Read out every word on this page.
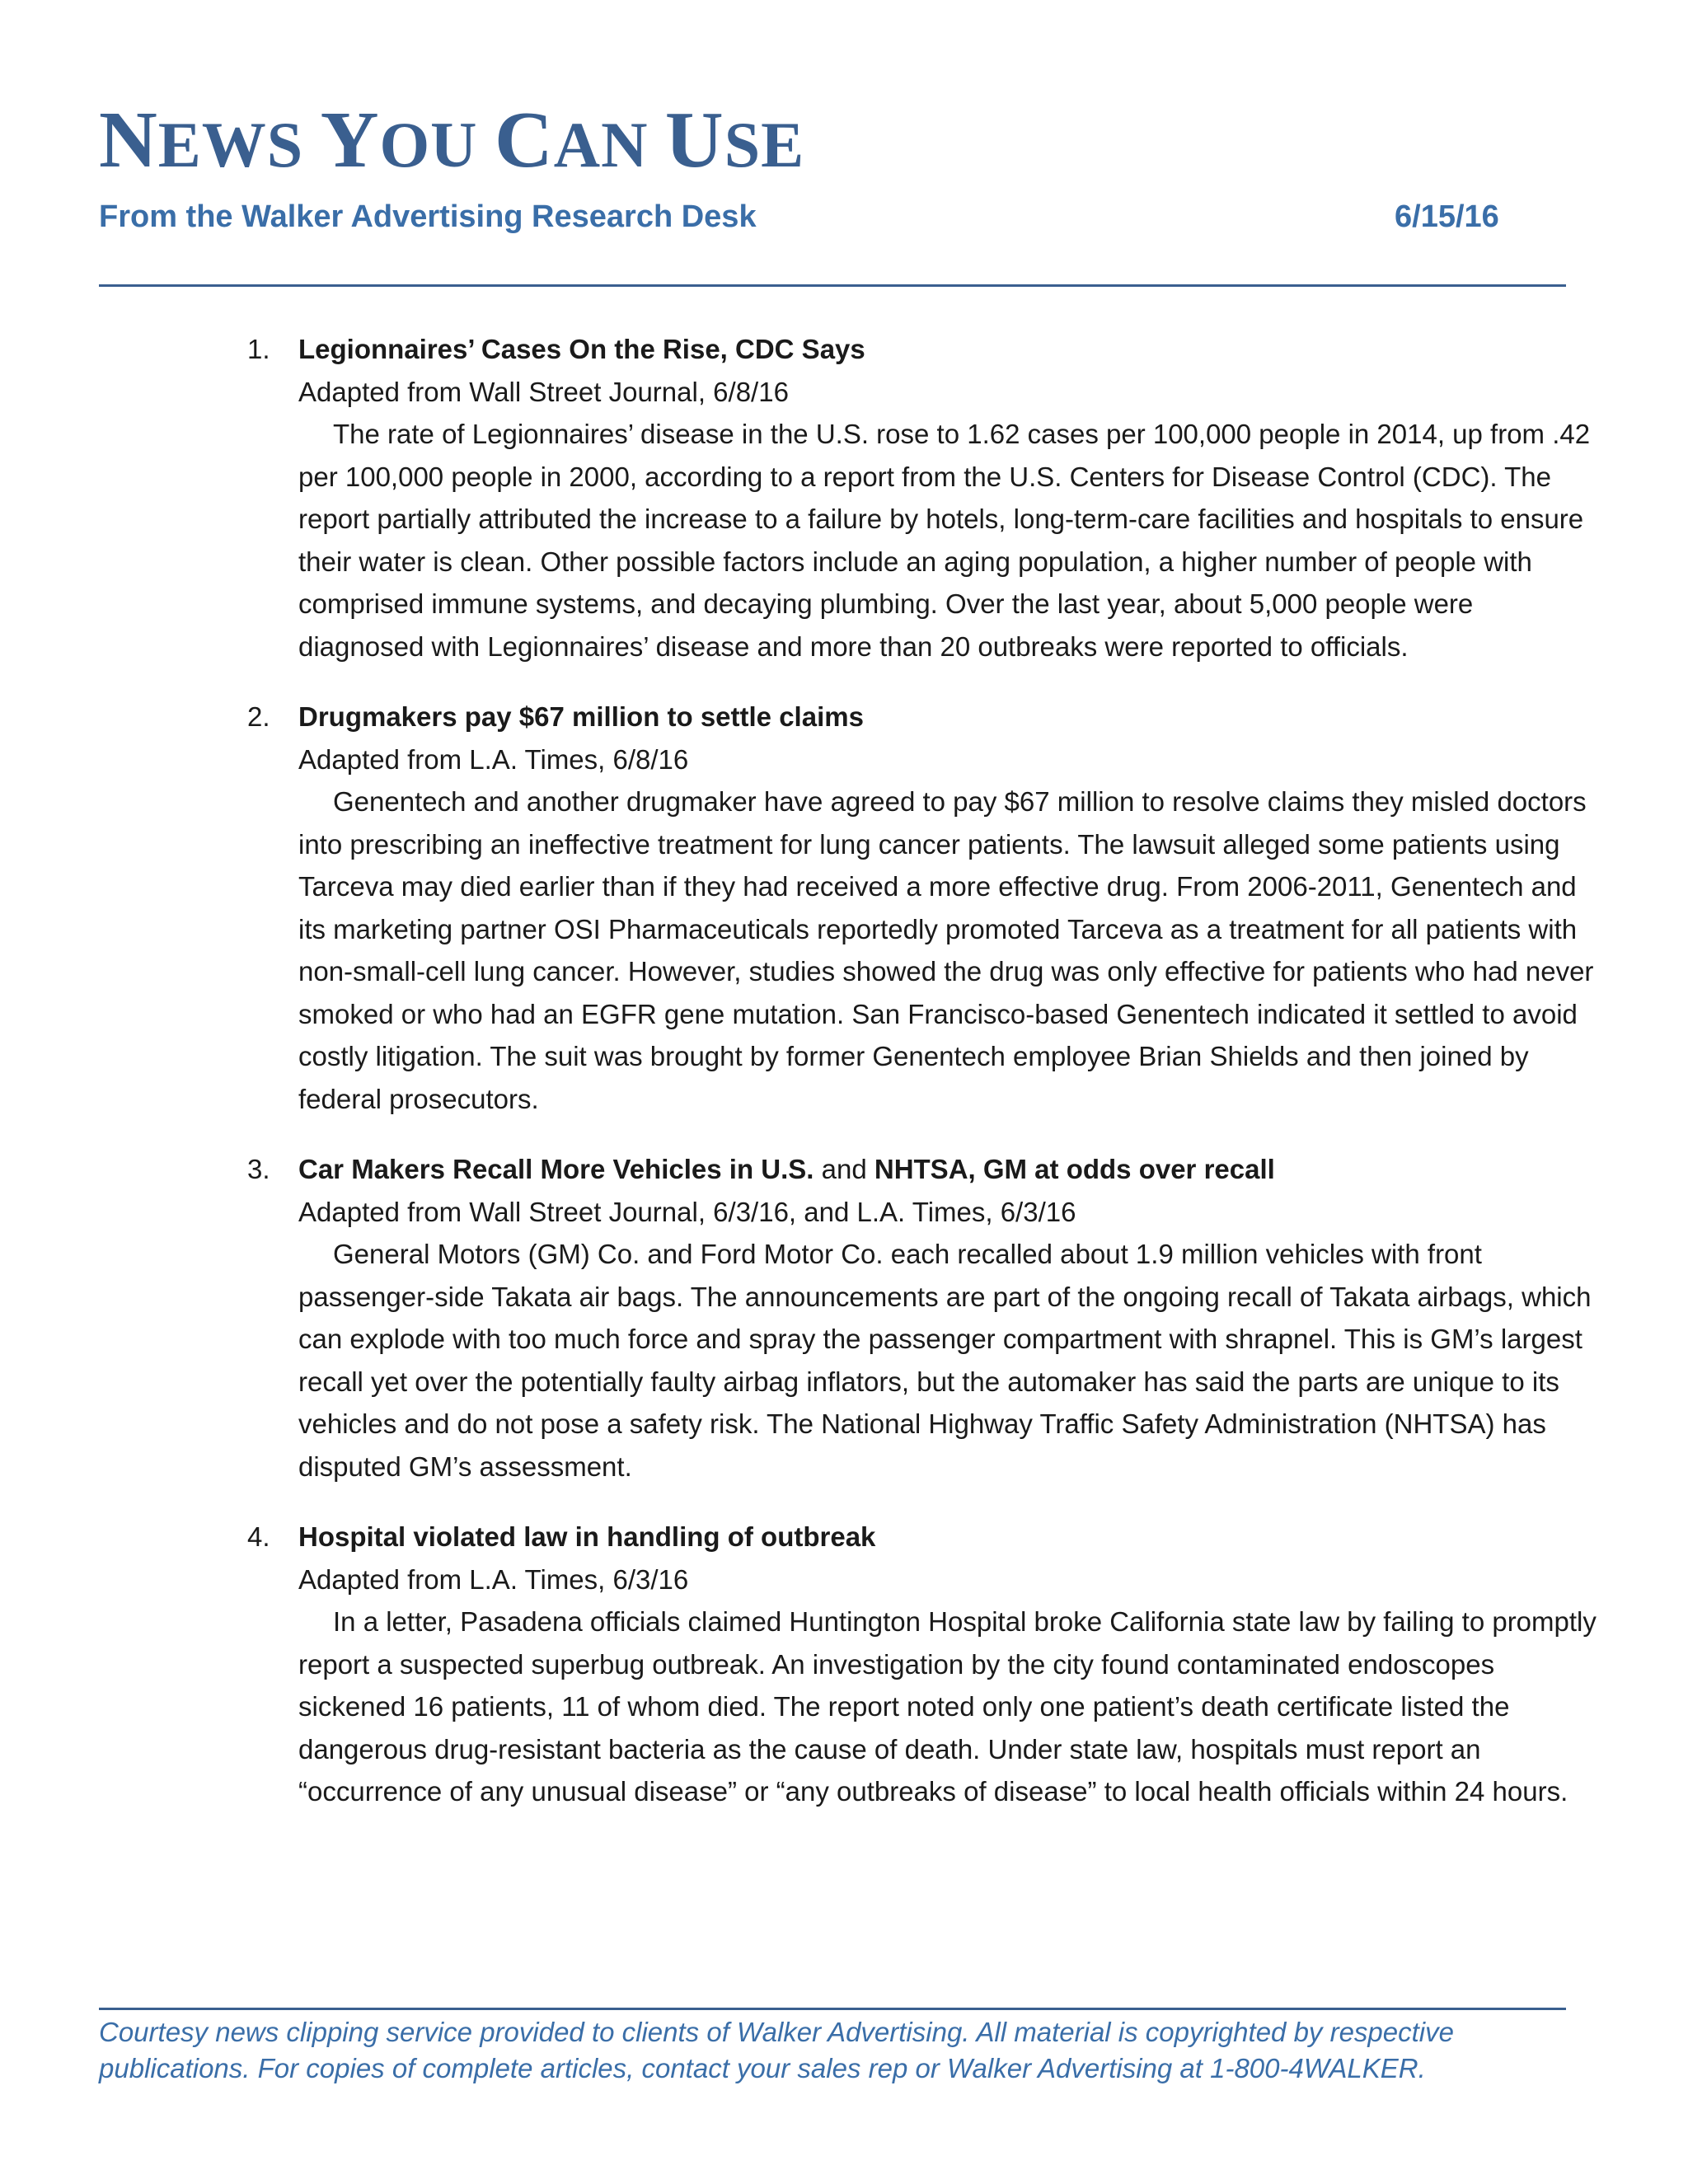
NEWS YOU CAN USE
From the Walker Advertising Research Desk	6/15/16
1. Legionnaires’ Cases On the Rise, CDC Says
Adapted from Wall Street Journal, 6/8/16

The rate of Legionnaires’ disease in the U.S. rose to 1.62 cases per 100,000 people in 2014, up from .42 per 100,000 people in 2000, according to a report from the U.S. Centers for Disease Control (CDC). The report partially attributed the increase to a failure by hotels, long-term-care facilities and hospitals to ensure their water is clean. Other possible factors include an aging population, a higher number of people with comprised immune systems, and decaying plumbing. Over the last year, about 5,000 people were diagnosed with Legionnaires’ disease and more than 20 outbreaks were reported to officials.

2. Drugmakers pay $67 million to settle claims
Adapted from L.A. Times, 6/8/16

Genentech and another drugmaker have agreed to pay $67 million to resolve claims they misled doctors into prescribing an ineffective treatment for lung cancer patients. The lawsuit alleged some patients using Tarceva may died earlier than if they had received a more effective drug. From 2006-2011, Genentech and its marketing partner OSI Pharmaceuticals reportedly promoted Tarceva as a treatment for all patients with non-small-cell lung cancer. However, studies showed the drug was only effective for patients who had never smoked or who had an EGFR gene mutation. San Francisco-based Genentech indicated it settled to avoid costly litigation. The suit was brought by former Genentech employee Brian Shields and then joined by federal prosecutors.

3. Car Makers Recall More Vehicles in U.S. and NHTSA, GM at odds over recall
Adapted from Wall Street Journal, 6/3/16, and L.A. Times, 6/3/16

General Motors (GM) Co. and Ford Motor Co. each recalled about 1.9 million vehicles with front passenger-side Takata air bags. The announcements are part of the ongoing recall of Takata airbags, which can explode with too much force and spray the passenger compartment with shrapnel. This is GM’s largest recall yet over the potentially faulty airbag inflators, but the automaker has said the parts are unique to its vehicles and do not pose a safety risk. The National Highway Traffic Safety Administration (NHTSA) has disputed GM’s assessment.

4. Hospital violated law in handling of outbreak
Adapted from L.A. Times, 6/3/16

In a letter, Pasadena officials claimed Huntington Hospital broke California state law by failing to promptly report a suspected superbug outbreak. An investigation by the city found contaminated endoscopes sickened 16 patients, 11 of whom died. The report noted only one patient’s death certificate listed the dangerous drug-resistant bacteria as the cause of death. Under state law, hospitals must report an “occurrence of any unusual disease” or “any outbreaks of disease” to local health officials within 24 hours.

Courtesy news clipping service provided to clients of Walker Advertising. All material is copyrighted by respective
publications. For copies of complete articles, contact your sales rep or Walker Advertising at 1-800-4WALKER.
